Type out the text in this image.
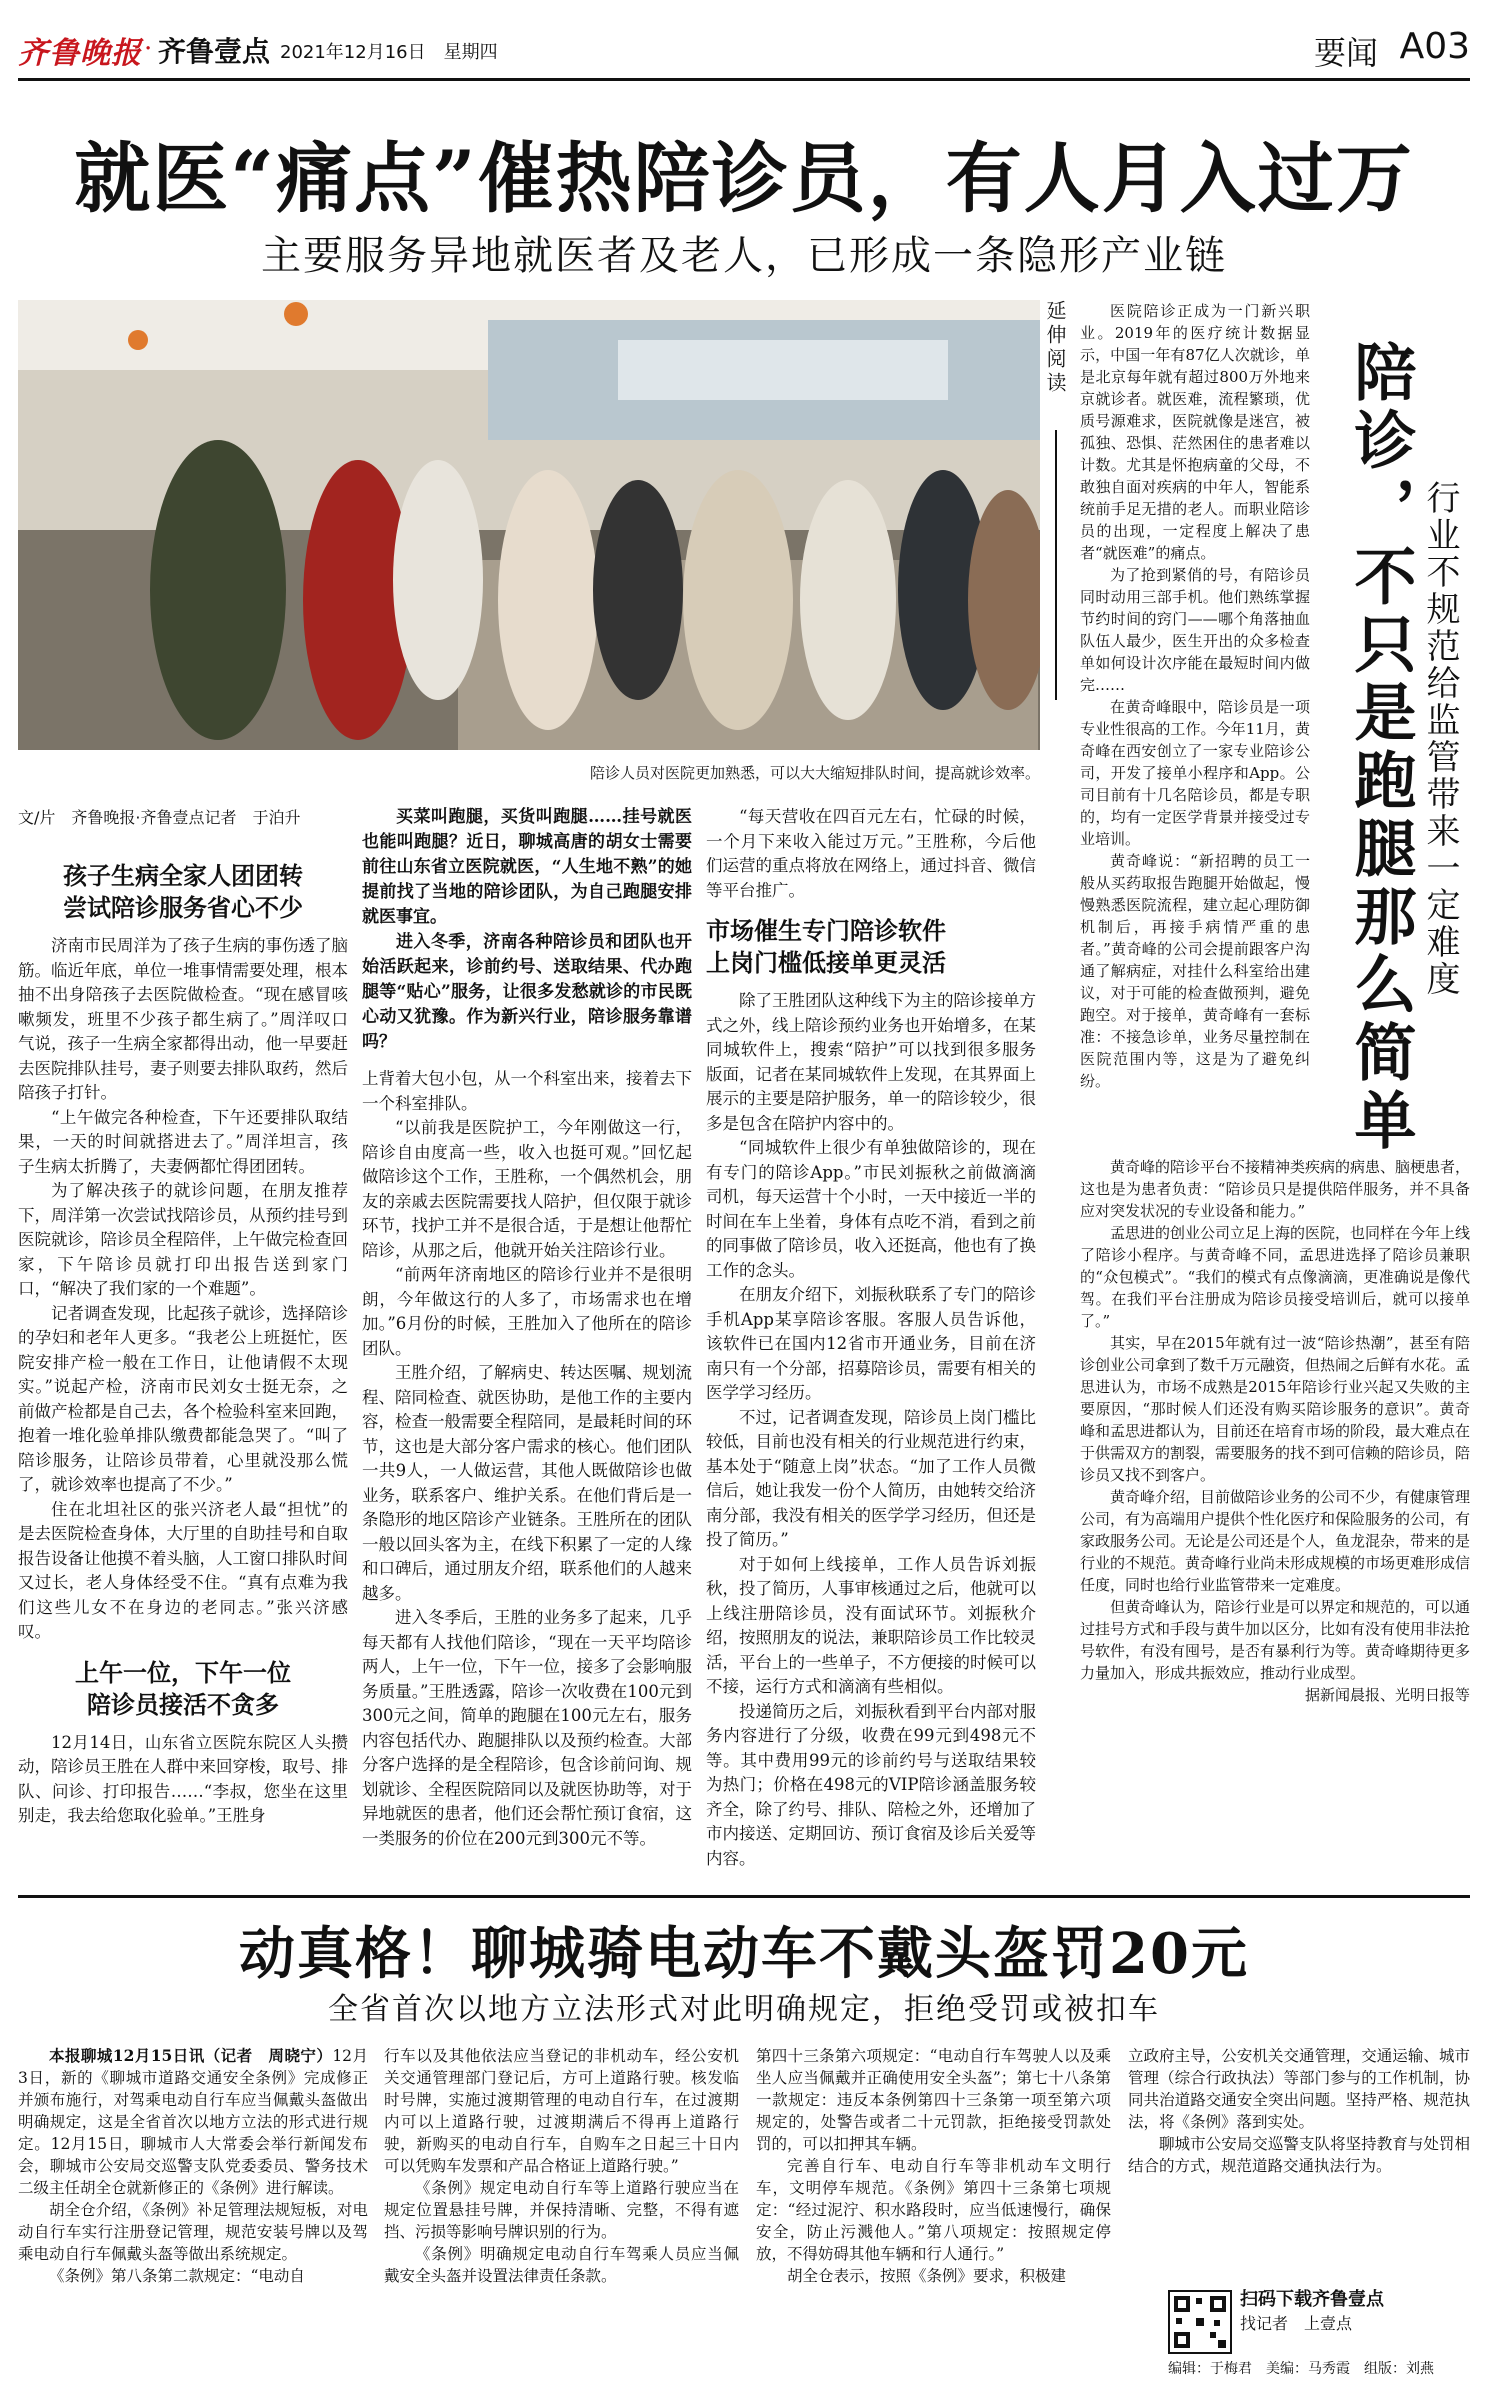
齐鲁晚报 · 齐鲁壹点 2021年12月16日　星期四	要闻 A03
就医“痛点”催热陪诊员，有人月入过万
主要服务异地就医者及老人，已形成一条隐形产业链
陪诊人员对医院更加熟悉，可以大大缩短排队时间，提高就诊效率。
文/片　齐鲁晚报·齐鲁壹点记者　于泊升
孩子生病全家人团团转
尝试陪诊服务省心不少

济南市民周洋为了孩子生病的事伤透了脑筋。临近年底，单位一堆事情需要处理，根本抽不出身陪孩子去医院做检查。“现在感冒咳嗽频发，班里不少孩子都生病了。”周洋叹口气说，孩子一生病全家都得出动，他一早要赶去医院排队挂号，妻子则要去排队取药，然后陪孩子打针。

“上午做完各种检查，下午还要排队取结果，一天的时间就搭进去了。”周洋坦言，孩子生病太折腾了，夫妻俩都忙得团团转。

为了解决孩子的就诊问题，在朋友推荐下，周洋第一次尝试找陪诊员，从预约挂号到医院就诊，陪诊员全程陪伴，上午做完检查回家，下午陪诊员就打印出报告送到家门口，“解决了我们家的一个难题”。

记者调查发现，比起孩子就诊，选择陪诊的孕妇和老年人更多。“我老公上班挺忙，医院安排产检一般在工作日，让他请假不太现实。”说起产检，济南市民刘女士挺无奈，之前做产检都是自己去，各个检验科室来回跑，抱着一堆化验单排队缴费都能急哭了。“叫了陪诊服务，让陪诊员带着，心里就没那么慌了，就诊效率也提高了不少。”

住在北坦社区的张兴济老人最“担忧”的是去医院检查身体，大厅里的自助挂号和自取报告设备让他摸不着头脑，人工窗口排队时间又过长，老人身体经受不住。“真有点难为我们这些儿女不在身边的老同志。”张兴济感叹。

上午一位，下午一位
陪诊员接活不贪多

12月14日，山东省立医院东院区人头攒动，陪诊员王胜在人群中来回穿梭，取号、排队、问诊、打印报告……“李叔，您坐在这里别走，我去给您取化验单。”王胜身

买菜叫跑腿，买货叫跑腿……挂号就医也能叫跑腿？近日，聊城高唐的胡女士需要前往山东省立医院就医，“人生地不熟”的她提前找了当地的陪诊团队，为自己跑腿安排就医事宜。
进入冬季，济南各种陪诊员和团队也开始活跃起来，诊前约号、送取结果、代办跑腿等“贴心”服务，让很多发愁就诊的市民既心动又犹豫。作为新兴行业，陪诊服务靠谱吗？

上背着大包小包，从一个科室出来，接着去下一个科室排队。

“以前我是医院护工，今年刚做这一行，陪诊自由度高一些，收入也挺可观。”回忆起做陪诊这个工作，王胜称，一个偶然机会，朋友的亲戚去医院需要找人陪护，但仅限于就诊环节，找护工并不是很合适，于是想让他帮忙陪诊，从那之后，他就开始关注陪诊行业。

“前两年济南地区的陪诊行业并不是很明朗，今年做这行的人多了，市场需求也在增加。”6月份的时候，王胜加入了他所在的陪诊团队。

王胜介绍，了解病史、转达医嘱、规划流程、陪同检查、就医协助，是他工作的主要内容，检查一般需要全程陪同，是最耗时间的环节，这也是大部分客户需求的核心。他们团队一共9人，一人做运营，其他人既做陪诊也做业务，联系客户、维护关系。在他们背后是一条隐形的地区陪诊产业链条。王胜所在的团队一般以回头客为主，在线下积累了一定的人缘和口碑后，通过朋友介绍，联系他们的人越来越多。

进入冬季后，王胜的业务多了起来，几乎每天都有人找他们陪诊，“现在一天平均陪诊两人，上午一位，下午一位，接多了会影响服务质量。”王胜透露，陪诊一次收费在100元到300元之间，简单的跑腿在100元左右，服务内容包括代办、跑腿排队以及预约检查。大部分客户选择的是全程陪诊，包含诊前问询、规划就诊、全程医院陪同以及就医协助等，对于异地就医的患者，他们还会帮忙预订食宿，这一类服务的价位在200元到300元不等。

“每天营收在四百元左右，忙碌的时候，一个月下来收入能过万元。”王胜称，今后他们运营的重点将放在网络上，通过抖音、微信等平台推广。

市场催生专门陪诊软件
上岗门槛低接单更灵活

除了王胜团队这种线下为主的陪诊接单方式之外，线上陪诊预约业务也开始增多，在某同城软件上，搜索“陪护”可以找到很多服务版面，记者在某同城软件上发现，在其界面上展示的主要是陪护服务，单一的陪诊较少，很多是包含在陪护内容中的。

“同城软件上很少有单独做陪诊的，现在有专门的陪诊App。”市民刘振秋之前做滴滴司机，每天运营十个小时，一天中接近一半的时间在车上坐着，身体有点吃不消，看到之前的同事做了陪诊员，收入还挺高，他也有了换工作的念头。

在朋友介绍下，刘振秋联系了专门的陪诊手机App某享陪诊客服。客服人员告诉他，该软件已在国内12省市开通业务，目前在济南只有一个分部，招募陪诊员，需要有相关的医学学习经历。

不过，记者调查发现，陪诊员上岗门槛比较低，目前也没有相关的行业规范进行约束，基本处于“随意上岗”状态。“加了工作人员微信后，她让我发一份个人简历，由她转交给济南分部，我没有相关的医学学习经历，但还是投了简历。”

对于如何上线接单，工作人员告诉刘振秋，投了简历，人事审核通过之后，他就可以上线注册陪诊员，没有面试环节。刘振秋介绍，按照朋友的说法，兼职陪诊员工作比较灵活，平台上的一些单子，不方便接的时候可以不接，运行方式和滴滴有些相似。

投递简历之后，刘振秋看到平台内部对服务内容进行了分级，收费在99元到498元不等。其中费用99元的诊前约号与送取结果较为热门；价格在498元的VIP陪诊涵盖服务较齐全，除了约号、排队、陪检之外，还增加了市内接送、定期回访、预订食宿及诊后关爱等内容。

延伸阅读	陪诊，不只是跑腿那么简单 行业不规范给监管带来一定难度

医院陪诊正成为一门新兴职业。2019年的医疗统计数据显示，中国一年有87亿人次就诊，单是北京每年就有超过800万外地来京就诊者。就医难，流程繁琐，优质号源难求，医院就像是迷宫，被孤独、恐惧、茫然困住的患者难以计数。尤其是怀抱病童的父母，不敢独自面对疾病的中年人，智能系统前手足无措的老人。而职业陪诊员的出现，一定程度上解决了患者“就医难”的痛点。

为了抢到紧俏的号，有陪诊员同时动用三部手机。他们熟练掌握节约时间的窍门——哪个角落抽血队伍人最少，医生开出的众多检查单如何设计次序能在最短时间内做完……

在黄奇峰眼中，陪诊员是一项专业性很高的工作。今年11月，黄奇峰在西安创立了一家专业陪诊公司，开发了接单小程序和App。公司目前有十几名陪诊员，都是专职的，均有一定医学背景并接受过专业培训。

黄奇峰说：“新招聘的员工一般从买药取报告跑腿开始做起，慢慢熟悉医院流程，建立起心理防御机制后，再接手病情严重的患者。”黄奇峰的公司会提前跟客户沟通了解病症，对挂什么科室给出建议，对于可能的检查做预判，避免跑空。对于接单，黄奇峰有一套标准：不接急诊单，业务尽量控制在医院范围内等，这是为了避免纠纷。

黄奇峰的陪诊平台不接精神类疾病的病患、脑梗患者，这也是为患者负责：“陪诊员只是提供陪伴服务，并不具备应对突发状况的专业设备和能力。”

孟思进的创业公司立足上海的医院，也同样在今年上线了陪诊小程序。与黄奇峰不同，孟思进选择了陪诊员兼职的“众包模式”。“我们的模式有点像滴滴，更准确说是像代驾。在我们平台注册成为陪诊员接受培训后，就可以接单了。”

其实，早在2015年就有过一波“陪诊热潮”，甚至有陪诊创业公司拿到了数千万元融资，但热闹之后鲜有水花。孟思进认为，市场不成熟是2015年陪诊行业兴起又失败的主要原因，“那时候人们还没有购买陪诊服务的意识”。黄奇峰和孟思进都认为，目前还在培育市场的阶段，最大难点在于供需双方的割裂，需要服务的找不到可信赖的陪诊员，陪诊员又找不到客户。

黄奇峰介绍，目前做陪诊业务的公司不少，有健康管理公司，有为高端用户提供个性化医疗和保险服务的公司，有家政服务公司。无论是公司还是个人，鱼龙混杂，带来的是行业的不规范。黄奇峰行业尚未形成规模的市场更难形成信任度，同时也给行业监管带来一定难度。

但黄奇峰认为，陪诊行业是可以界定和规范的，可以通过挂号方式和手段与黄牛加以区分，比如有没有使用非法抢号软件，有没有囤号，是否有暴利行为等。黄奇峰期待更多力量加入，形成共振效应，推动行业成型。

据新闻晨报、光明日报等
动真格！聊城骑电动车不戴头盔罚20元
全省首次以地方立法形式对此明确规定，拒绝受罚或被扣车
本报聊城12月15日讯（记者　周晓宁）12月3日，新的《聊城市道路交通安全条例》完成修正并颁布施行，对驾乘电动自行车应当佩戴头盔做出明确规定，这是全省首次以地方立法的形式进行规定。12月15日，聊城市人大常委会举行新闻发布会，聊城市公安局交巡警支队党委委员、警务技术二级主任胡全仓就新修正的《条例》进行解读。

胡全仓介绍，《条例》补足管理法规短板，对电动自行车实行注册登记管理，规范安装号牌以及驾乘电动自行车佩戴头盔等做出系统规定。

《条例》第八条第二款规定：“电动自

行车以及其他依法应当登记的非机动车，经公安机关交通管理部门登记后，方可上道路行驶。核发临时号牌，实施过渡期管理的电动自行车，在过渡期内可以上道路行驶，过渡期满后不得再上道路行驶，新购买的电动自行车，自购车之日起三十日内可以凭购车发票和产品合格证上道路行驶。”

《条例》规定电动自行车等上道路行驶应当在规定位置悬挂号牌，并保持清晰、完整，不得有遮挡、污损等影响号牌识别的行为。

《条例》明确规定电动自行车驾乘人员应当佩戴安全头盔并设置法律责任条款。

第四十三条第六项规定：“电动自行车驾驶人以及乘坐人应当佩戴并正确使用安全头盔”；第七十八条第一款规定：违反本条例第四十三条第一项至第六项规定的，处警告或者二十元罚款，拒绝接受罚款处罚的，可以扣押其车辆。

完善自行车、电动自行车等非机动车文明行车，文明停车规范。《条例》第四十三条第七项规定：“经过泥泞、积水路段时，应当低速慢行，确保安全，防止污溅他人。”第八项规定：按照规定停放，不得妨碍其他车辆和行人通行。”

胡全仓表示，按照《条例》要求，积极建

立政府主导，公安机关交通管理，交通运输、城市管理（综合行政执法）等部门参与的工作机制，协同共治道路交通安全突出问题。坚持严格、规范执法，将《条例》落到实处。

聊城市公安局交巡警支队将坚持教育与处罚相结合的方式，规范道路交通执法行为。

扫码下载齐鲁壹点
找记者　上壹点
编辑：于梅君　美编：马秀霞　组版：刘燕
